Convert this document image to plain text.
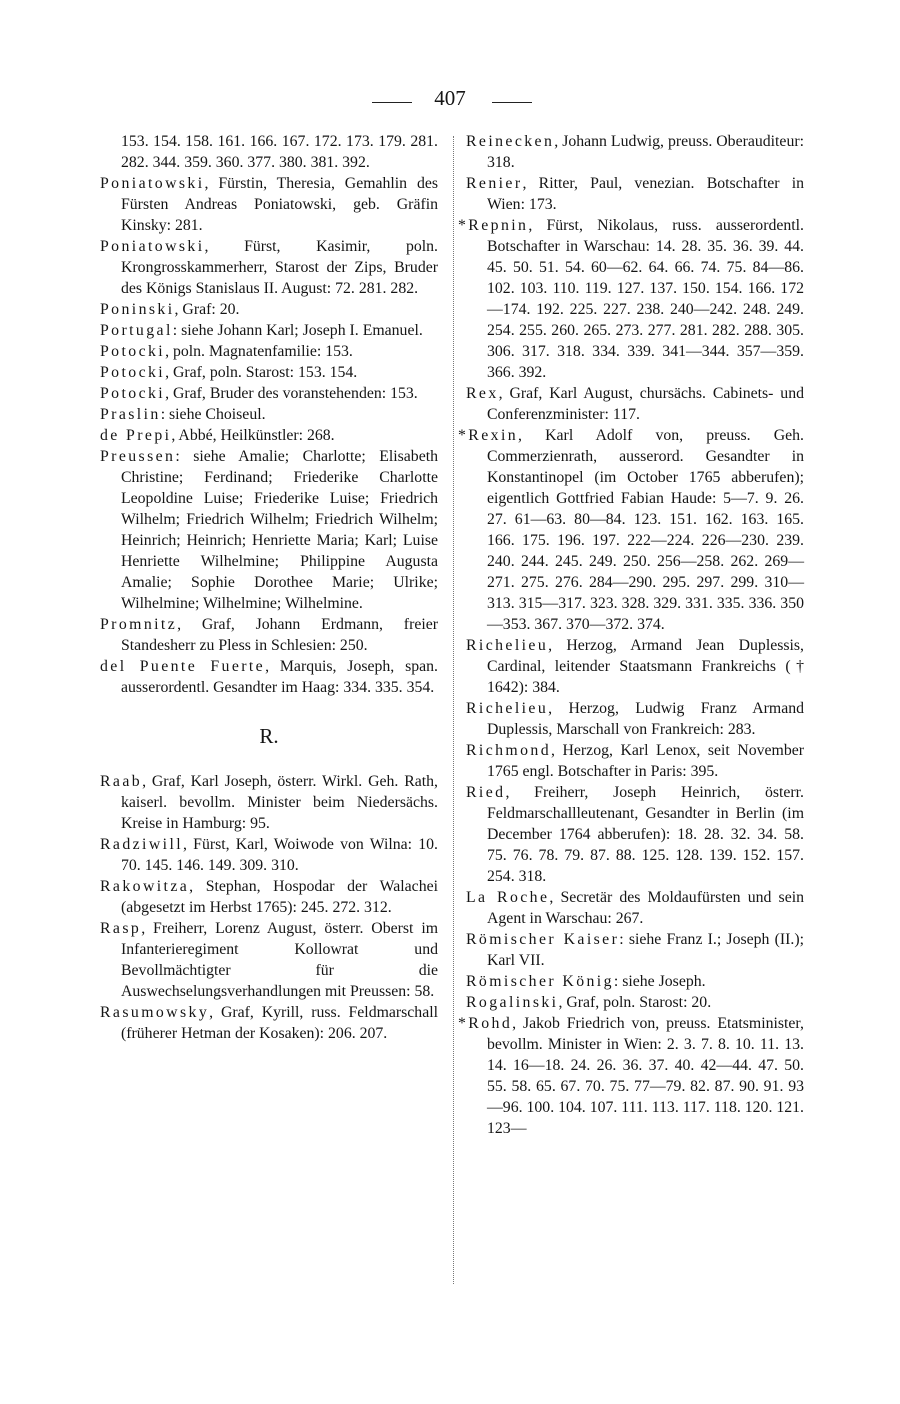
407
153. 154. 158. 161. 166. 167. 172. 173. 179. 281. 282. 344. 359. 360. 377. 380. 381. 392.
Poniatowski, Fürstin, Theresia, Gemahlin des Fürsten Andreas Poniatowski, geb. Gräfin Kinsky: 281.
Poniatowski, Fürst, Kasimir, poln. Krongrosskammerherr, Starost der Zips, Bruder des Königs Stanislaus II. August: 72. 281. 282.
Poninski, Graf: 20.
Portugal: siehe Johann Karl; Joseph I. Emanuel.
Potocki, poln. Magnatenfamilie: 153.
Potocki, Graf, poln. Starost: 153. 154.
Potocki, Graf, Bruder des voranstehenden: 153.
Praslin: siehe Choiseul.
de Prepi, Abbé, Heilkünstler: 268.
Preussen: siehe Amalie; Charlotte; Elisabeth Christine; Ferdinand; Friederike Charlotte Leopoldine Luise; Friederike Luise; Friedrich Wilhelm; Friedrich Wilhelm; Friedrich Wilhelm; Heinrich; Heinrich; Henriette Maria; Karl; Luise Henriette Wilhelmine; Philippine Augusta Amalie; Sophie Dorothee Marie; Ulrike; Wilhelmine; Wilhelmine; Wilhelmine.
Promnitz, Graf, Johann Erdmann, freier Standesherr zu Pless in Schlesien: 250.
del Puente Fuerte, Marquis, Joseph, span. ausserordentl. Gesandter im Haag: 334. 335. 354.
R.
Raab, Graf, Karl Joseph, österr. Wirkl. Geh. Rath, kaiserl. bevollm. Minister beim Niedersächs. Kreise in Hamburg: 95.
Radziwill, Fürst, Karl, Woiwode von Wilna: 10. 70. 145. 146. 149. 309. 310.
Rakowitza, Stephan, Hospodar der Walachei (abgesetzt im Herbst 1765): 245. 272. 312.
Rasp, Freiherr, Lorenz August, österr. Oberst im Infanterieregiment Kollowrat und Bevollmächtigter für die Auswechselungsverhandlungen mit Preussen: 58.
Rasumowsky, Graf, Kyrill, russ. Feldmarschall (früherer Hetman der Kosaken): 206. 207.
Reinecken, Johann Ludwig, preuss. Oberauditeur: 318.
Renier, Ritter, Paul, venezian. Botschafter in Wien: 173.
*Repnin, Fürst, Nikolaus, russ. ausserordentl. Botschafter in Warschau: 14. 28. 35. 36. 39. 44. 45. 50. 51. 54. 60—62. 64. 66. 74. 75. 84—86. 102. 103. 110. 119. 127. 137. 150. 154. 166. 172—174. 192. 225. 227. 238. 240—242. 248. 249. 254. 255. 260. 265. 273. 277. 281. 282. 288. 305. 306. 317. 318. 334. 339. 341—344. 357—359. 366. 392.
Rex, Graf, Karl August, chursächs. Cabinets- und Conferenzminister: 117.
*Rexin, Karl Adolf von, preuss. Geh. Commerzienrath, ausserord. Gesandter in Konstantinopel (im October 1765 abberufen); eigentlich Gottfried Fabian Haude: 5—7. 9. 26. 27. 61—63. 80—84. 123. 151. 162. 163. 165. 166. 175. 196. 197. 222—224. 226—230. 239. 240. 244. 245. 249. 250. 256—258. 262. 269—271. 275. 276. 284—290. 295. 297. 299. 310—313. 315—317. 323. 328. 329. 331. 335. 336. 350—353. 367. 370—372. 374.
Richelieu, Herzog, Armand Jean Duplessis, Cardinal, leitender Staatsmann Frankreichs († 1642): 384.
Richelieu, Herzog, Ludwig Franz Armand Duplessis, Marschall von Frankreich: 283.
Richmond, Herzog, Karl Lenox, seit November 1765 engl. Botschafter in Paris: 395.
Ried, Freiherr, Joseph Heinrich, österr. Feldmarschallleutenant, Gesandter in Berlin (im December 1764 abberufen): 18. 28. 32. 34. 58. 75. 76. 78. 79. 87. 88. 125. 128. 139. 152. 157. 254. 318.
La Roche, Secretär des Moldaufürsten und sein Agent in Warschau: 267.
Römischer Kaiser: siehe Franz I.; Joseph (II.); Karl VII.
Römischer König: siehe Joseph.
Rogalinski, Graf, poln. Starost: 20.
*Rohd, Jakob Friedrich von, preuss. Etatsminister, bevollm. Minister in Wien: 2. 3. 7. 8. 10. 11. 13. 14. 16—18. 24. 26. 36. 37. 40. 42—44. 47. 50. 55. 58. 65. 67. 70. 75. 77—79. 82. 87. 90. 91. 93—96. 100. 104. 107. 111. 113. 117. 118. 120. 121. 123—
